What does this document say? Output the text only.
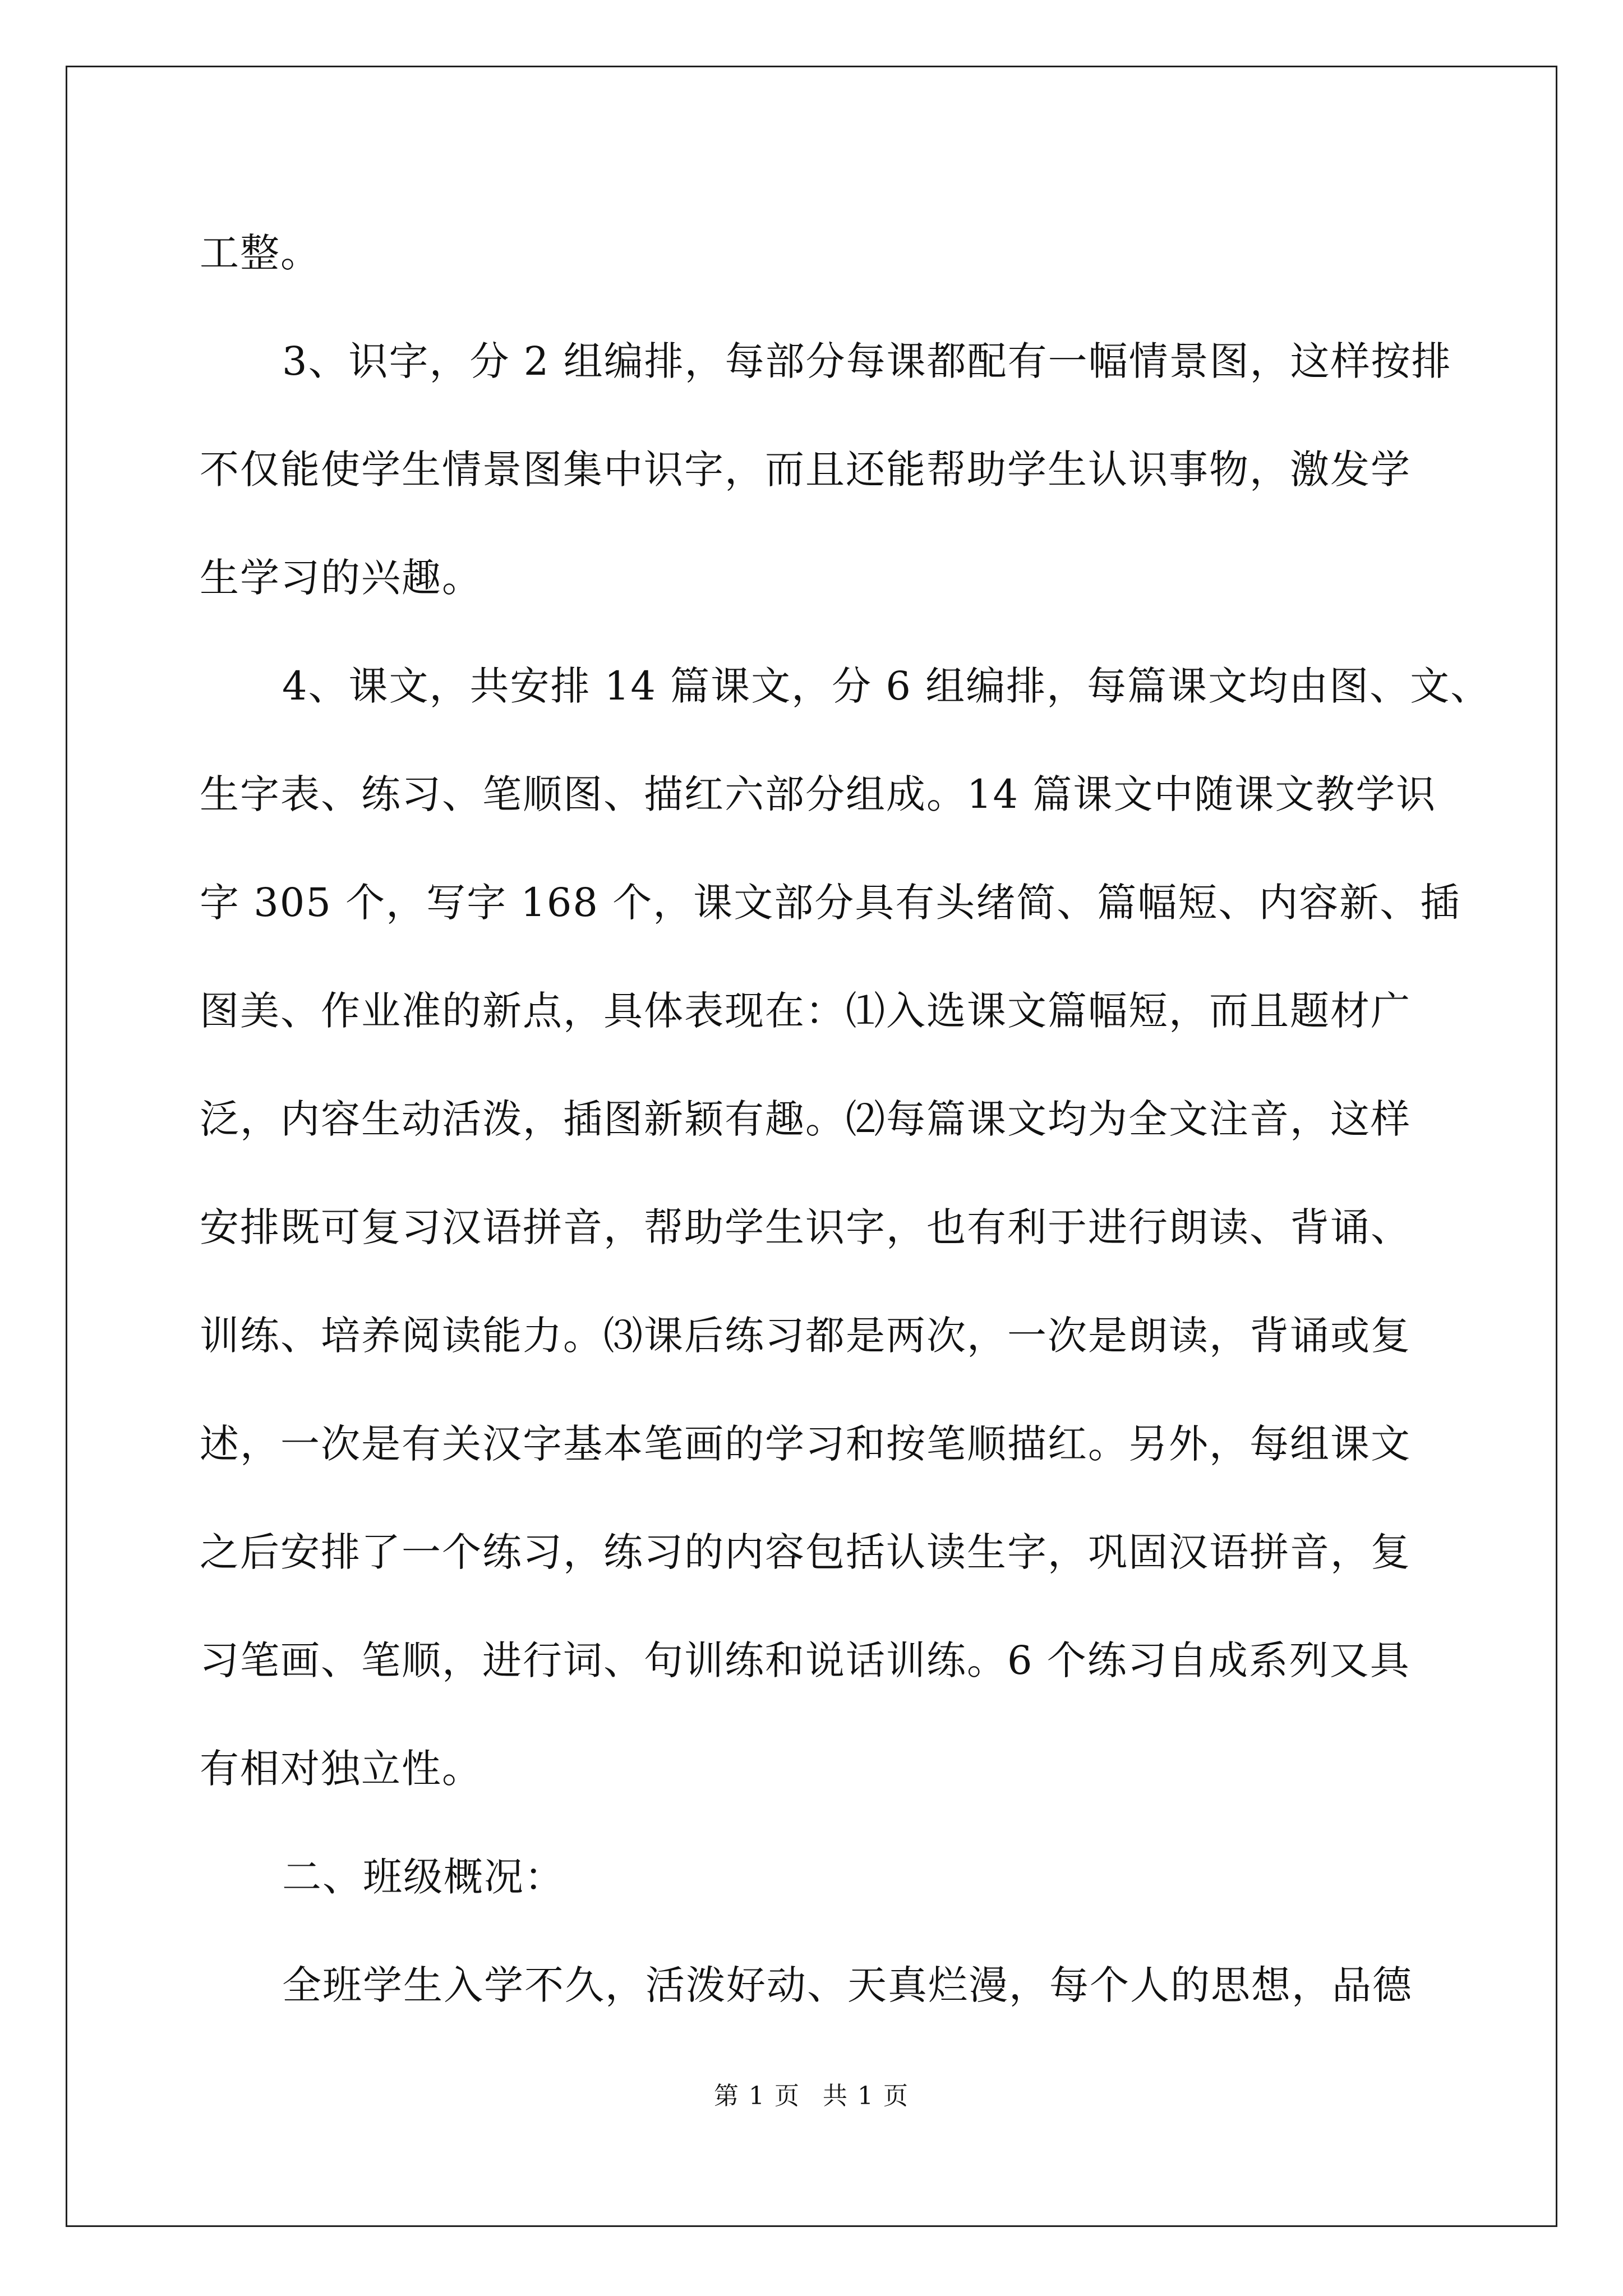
工整。
3、识字，分 2 组编排，每部分每课都配有一幅情景图，这样按排
不仅能使学生情景图集中识字，而且还能帮助学生认识事物，激发学
生学习的兴趣。
4、课文，共安排 14 篇课文，分 6 组编排，每篇课文均由图、文、
生字表、练习、笔顺图、描红六部分组成。14 篇课文中随课文教学识
字 305 个，写字 168 个，课文部分具有头绪简、篇幅短、内容新、插
图美、作业准的新点，具体表现在：⑴入选课文篇幅短，而且题材广
泛，内容生动活泼，插图新颖有趣。⑵每篇课文均为全文注音，这样
安排既可复习汉语拼音，帮助学生识字，也有利于进行朗读、背诵、
训练、培养阅读能力。⑶课后练习都是两次，一次是朗读，背诵或复
述，一次是有关汉字基本笔画的学习和按笔顺描红。另外，每组课文
之后安排了一个练习，练习的内容包括认读生字，巩固汉语拼音，复
习笔画、笔顺，进行词、句训练和说话训练。6 个练习自成系列又具
有相对独立性。
二、班级概况：
全班学生入学不久，活泼好动、天真烂漫，每个人的思想，品德
第 1 页 共 1 页
